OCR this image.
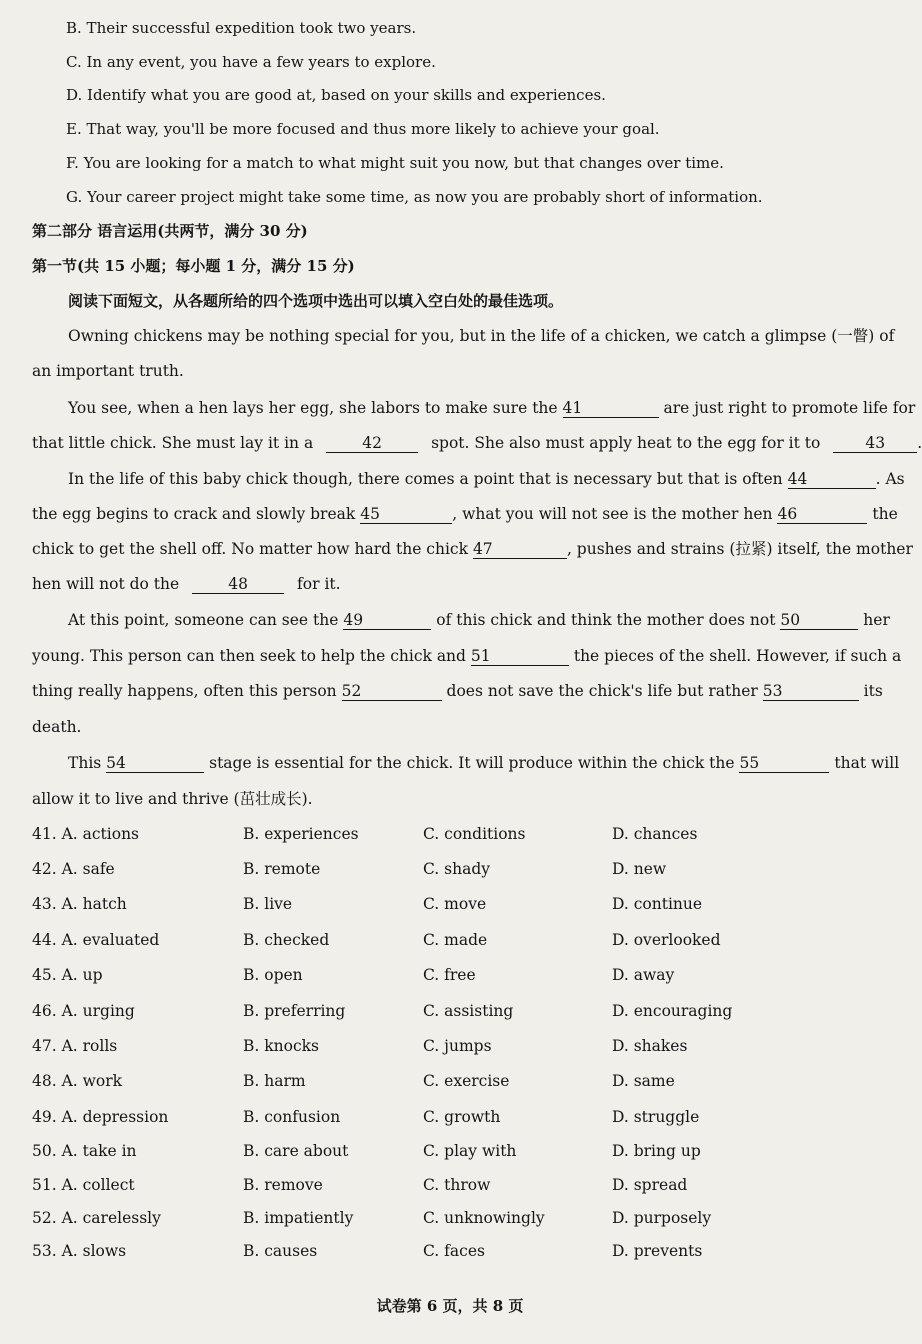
B. Their successful expedition took two years.
C. In any event, you have a few years to explore.
D. Identify what you are good at, based on your skills and experiences.
E. That way, you'll be more focused and thus more likely to achieve your goal.
F. You are looking for a match to what might suit you now, but that changes over time.
G. Your career project might take some time, as now you are probably short of information.
第二部分 语言运用(共两节，满分 30 分)
第一节(共 15 小题；每小题 1 分，满分 15 分)
阅读下面短文，从各题所给的四个选项中选出可以填入空白处的最佳选项。
Owning chickens may be nothing special for you, but in the life of a chicken, we catch a glimpse (一瞥) of
an important truth.
You see, when a hen lays her egg, she labors to make sure the 41	are just right to promote life for
that little chick. She must lay it in a	42	spot. She also must apply heat to the egg for it to	43 .
In the life of this baby chick though, there comes a point that is necessary but that is often 44	. As
the egg begins to crack and slowly break 45	, what you will not see is the mother hen 46	the
chick to get the shell off. No matter how hard the chick 47	, pushes and strains (拉紧) itself, the mother
hen will not do the	48	for it.
At this point, someone can see the 49	of this chick and think the mother does not 50	her
young. This person can then seek to help the chick and 51	the pieces of the shell. However, if such a
thing really happens, often this person 52	does not save the chick's life but rather 53	its
death.
This 54	stage is essential for the chick. It will produce within the chick the 55	that will
allow it to live and thrive (茁壮成长).
41. A. actions	B. experiences	C. conditions	D. chances
42. A. safe	B. remote	C. shady	D. new
43. A. hatch	B. live	C. move	D. continue
44. A. evaluated	B. checked	C. made	D. overlooked
45. A. up	B. open	C. free	D. away
46. A. urging	B. preferring	C. assisting	D. encouraging
47. A. rolls	B. knocks	C. jumps	D. shakes
48. A. work	B. harm	C. exercise	D. same
49. A. depression	B. confusion	C. growth	D. struggle
50. A. take in	B. care about	C. play with	D. bring up
51. A. collect	B. remove	C. throw	D. spread
52. A. carelessly	B. impatiently	C. unknowingly	D. purposely
53. A. slows	B. causes	C. faces	D. prevents
试卷第 6 页，共 8 页
